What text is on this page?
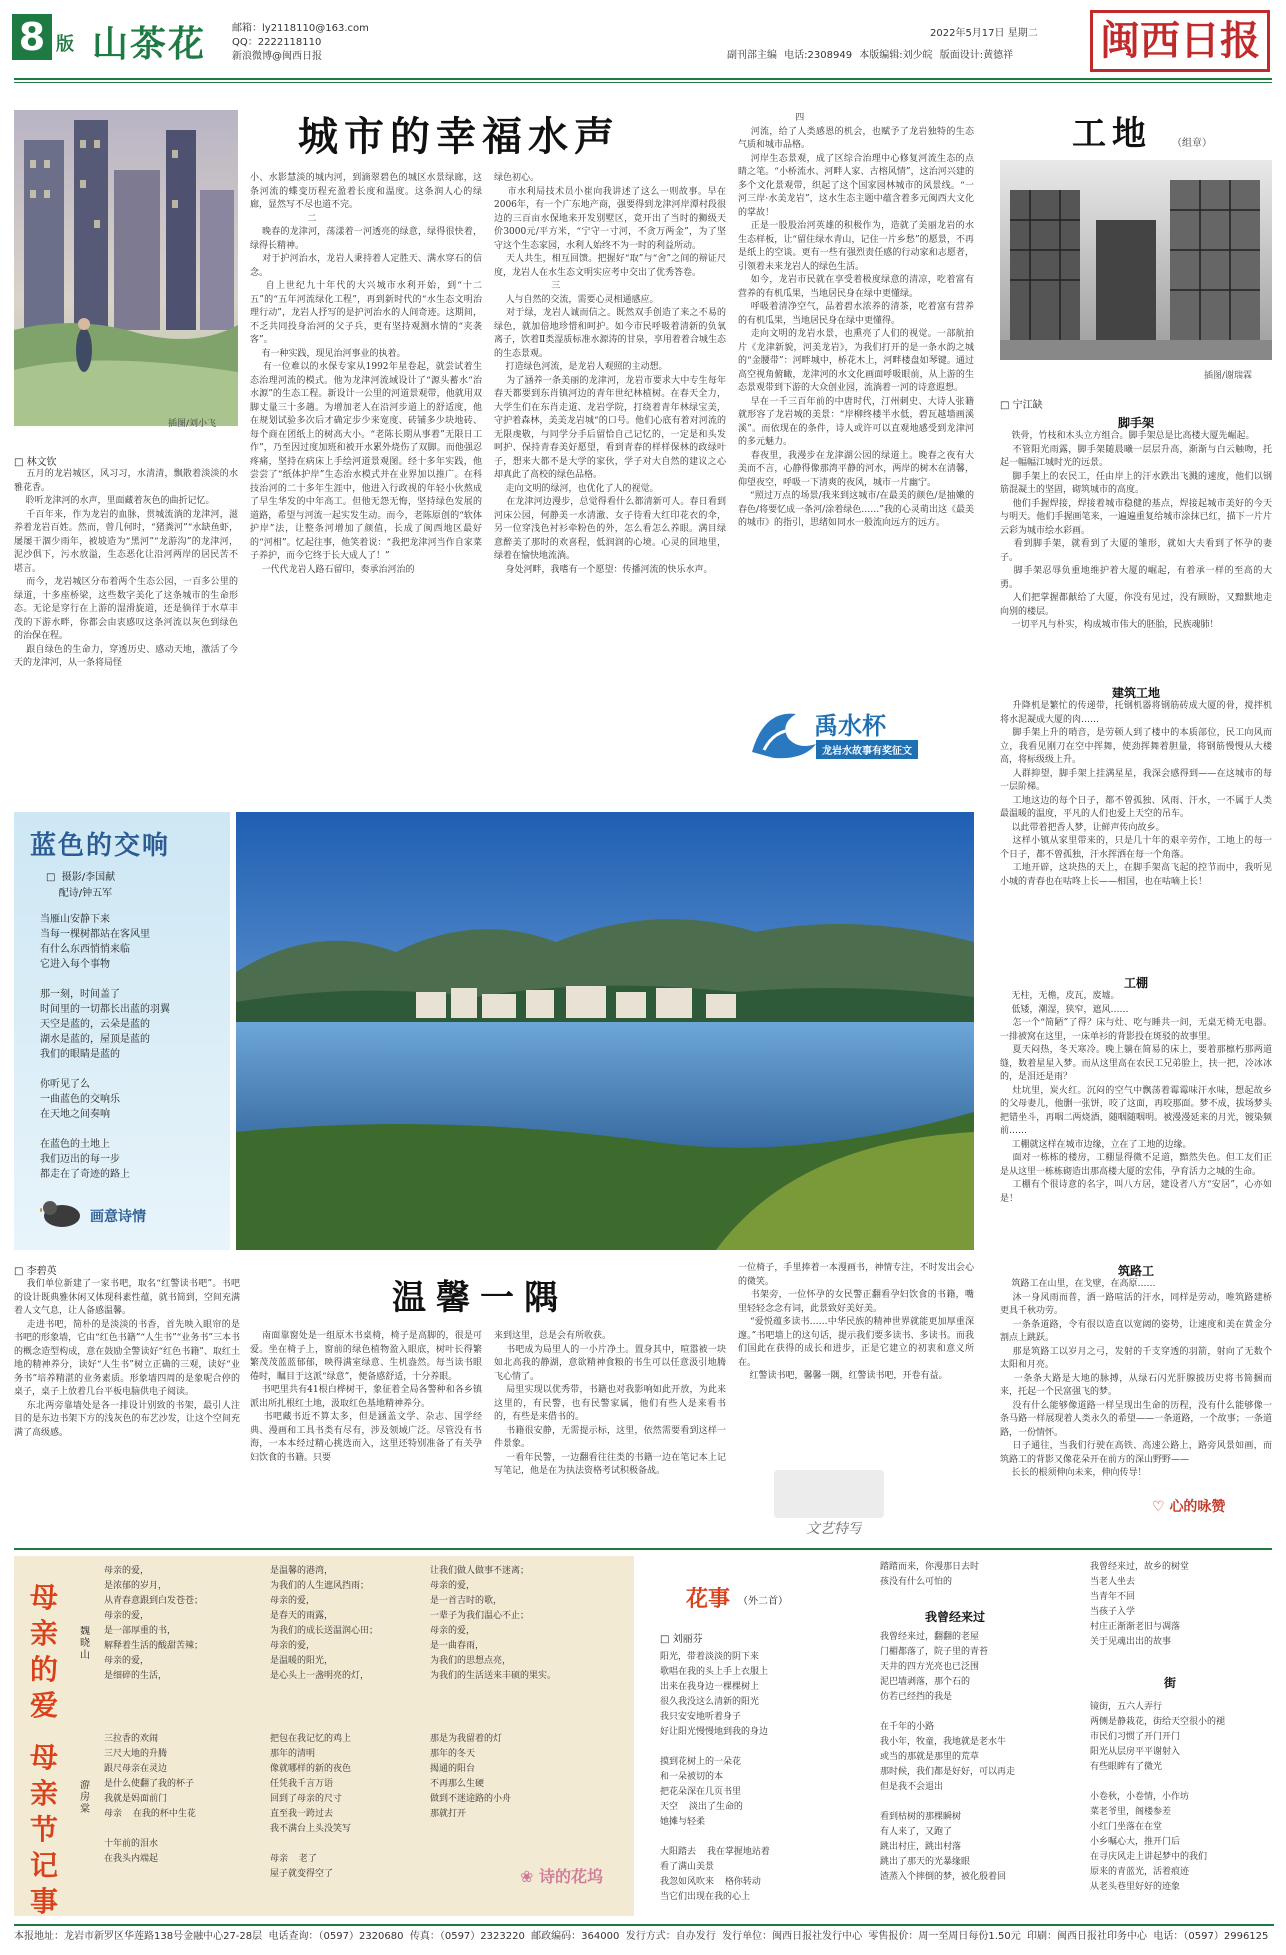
8 版 山茶花	邮箱：ly2118110@163.com
QQ：2222118110
新浪微博@闽西日报
2022年5月17日 星期二
副刊部主编 电话:2308949 本版编辑:刘少皖 版面设计:黄德祥 闽西日报
插图/刘小飞
城市的幸福水声
□ 林文钦
五月的龙岩城区，风习习，水清清，飘散着淡淡的水雅花香。
聆听龙津河的水声，里面藏着灰色的曲折记忆。
千百年来，作为龙岩的血脉，贯城流淌的龙津河，滋养着龙岩百姓。然而，曾几何时，“猪粪河”“水缺鱼虾，屡屡干涸少雨年，被坡造为“黑河”“龙游沟”的龙津河，泥沙俱下，污水放溢，生态恶化让沿河两岸的居民苦不堪言。
而今，龙岩城区分布着两个生态公园，一百多公里的绿道，十多座桥梁，这些数字美化了这条城市的生命形态。无论是穿行在上游的湿滑旋道，还是徜徉于水草丰茂的下游水畔，你都会由衷感叹这条河流以灰色到绿色的治保在程。
跟自绿色的生命力，穿透历史、感动天地，激活了今天的龙津河，从一条将局怪
小、水影慧淡的城内河，到滴翠碧色的城区水景绿廊，这条河流的蝶变历程充盈着长度和温度。这条润人心的绿廊，显然写不尽也道不完。
二
晚春的龙津河，荡漾着一河透亮的绿意，绿得很快着，绿得长精神。
对于护河治水，龙岩人秉持着人定胜天、满水穿石的信念。
自上世纪九十年代的大兴城市水利开始，到“十二五”的“五年河流绿化工程”，再到新时代的“水生态文明治理行动”，龙岩人抒写的是护河治水的人间奇迹。这期间，不乏共同投身治河的父子兵，更有坚持观测水情的“夹袭客”。
有一种实践，现见治河事业的执着。
有一位难以的水保专家从1992年星卷起，就尝试着生态治理河流的模式。他为龙津河流域设计了“源头蓄水“治水源”的生态工程。新设计一公里的河道景观带，他就用双脚丈量三十多趟。为增加老人在沿河步道上的舒适度，他在规划试验多次后才确定步少来宽度、砖铺多少块地砖、每个商在团纸上的树高大小。“老陈长期从事着”无限日工作”，乃至因过度加班和被开水累外烧伤了双脚。而他强忍疼痛，坚持在病床上手绘河道景观图。经十多年实践，他尝尝了“纸体护岸”生态治水模式并在业界加以推广。在科技治河的二十多年生涯中，他进入行政视的年轻小伙熬成了早生华发的中年高工。但他无怨无悔，坚持绿色发展的道路，希望与河流一起实发生动。而今，老陈原创的“软体护岸”法，让整条河增加了颜值，长成了闽西地区最好的“河相”。忆起往事，他笑着说：“我把龙津河当作自家菜子养护，而今它终于长大成人了！”
一代代龙岩人路石留印，奏承治河治的
绿色初心。
市水利局技术员小崔向我讲述了这么一则故事。早在2006年，有一个广东地产商，强要得到龙津河岸潭村段很边的三百亩水保地来开发别墅区，竟开出了当时的狮级天价3000元/平方米，“宁守一寸河，不贪万两金”，为了坚守这个生态家园，水利人始终不为一时的利益所动。
天人共生，相互回馈。把握好“取”与“舍”之间的辩证尺度，龙岩人在水生态文明实应考中交出了优秀答卷。
三
人与自然的交流，需要心灵相通感应。
对于绿，龙岩人诚而信之。既然双手创造了来之不易的绿色，就加倍地珍惜和呵护。如今市民呼吸着清新的负氧离子，饮着Ⅱ类湿质标准水源涛的甘泉，享用着着合城生态的生态景观。
打造绿色河流，是龙岩人观照的主动想。
为了涵养一条美丽的龙津河，龙岩市要求大中专生每年春天都要到东肖镇河边的青年世纪林植树。在春天全力，大学生们在东肖走道、龙岩学院，打绕着青年林绿宝美，守护着森林，美美龙岩城“的口号。他们心底有着对河流的无限虔敬，与同学分手后留恰自己记忆的，一定是和头发呵护、保持青春美好愿望，看到青春的样样保林的政绿叶子，想来大都不是大学的家伙，学子对大自然的建议之心却真此了高校的绿色品格。
走向文明的绿河，也优化了人的视觉。
在龙津河边漫步，总觉得看什么都清新可人。春日看到河床公园，何静美一水清澈、女子待看大红印花衣的伞，另一位穿浅色衬衫牵粉色的外，怎么看怎么养眼。满目绿意醉美了那时的欢喜程，低润润的心境。心灵的回地里，绿着在愉快地流淌。
身处河畔，我嗜有一个愿望：传播河流的快乐水声。
四
河流，给了人类感恩的机会，也赋予了龙岩独特的生态气质和城市品格。
河岸生态景观，成了区综合治理中心修复河流生态的点睛之笔。“小桥流水、河畔人家、古榕风情”，这治河兴建的多个文化景观带，织起了这个国家园林城市的风景线。“一河三岸·水美龙岩”，这水生态主题中蕴含着多元闽西大文化的掌故！
正是一股股治河英雄的积极作为，造就了美丽龙岩的水生态样板，让“留住绿水青山，记住一片乡愁”的愿景，不再是纸上的空谈。更有一些有强烈责任感的行动家和志愿者，引领着未来龙岩人的绿色生活。
如今，龙岩市民就在享受着极度绿意的清凉，吃着富有营养的有机瓜果，当地居民身在绿中更懂绿。
呼吸着清净空气，品着碧水浓养的清茶，吃着富有营养的有机瓜果，当地居民身在绿中更懂得。
走向文明的龙岩水景，也熏亮了人们的视觉。一部航拍片《龙津新貌，河美龙岩》，为我们打开的是一条水韵之城的“金腰带”：河畔城中，桥花木上，河畔楼盘如琴键。通过高空视角俯瞰，龙津河的水文化画面呼吸眼前，从上游的生态景观带到下游的大众创业园，流淌着一河的诗意遐想。
早在一千三百年前的中唐时代，汀州刺史、大诗人张籍就形容了龙岩城的美景：“岸柳终楼半水低，碧瓦越墙画溪溪”。而依现在的条件，诗人或许可以直观地感受到龙津河的多元魅力。
春夜里，我漫步在龙津湖公园的绿道上。晚春之夜有大美而不言，心静得像那湾平静的河水，两岸的树木在清馨，仰望夜空，呼吸一下清爽的夜风，城市一片幽宁。
“照过万点的场景/我来到这城市/在最美的颜色/是抽嫩的春色/将要忆成一条河/涂着绿色……”我的心灵萌出这《最美的城市》的指引，思绪如同水一般流向远方的远方。
禹水杯
龙岩水故事有奖征文
工地 （组章）
插图/谢瑞霖
□ 宁江缺
脚手架
铁骨，竹枝和木头立方组合。脚手架总是比高楼大厦先崛起。
不管阳光雨露，脚手架随晨曦一层层升高，渐渐与白云触吻，托起一幅幅江城时光的远景。
脚手架上的农民工，任由岸上的汗水跌出飞溅的速度，他们以钢筋混凝土的坚固，砌筑城市的高度。
他们手握焊接，焊接着城市稳健的基点，焊接起城市美好的今天与明天。他们手握画笔来，一遍遍重复给城市涂抹已红，描下一片片云彩为城市绘水彩画。
看到脚手架，就看到了大厦的雏形，就如大夫看到了怀孕的妻子。
脚手架忍辱负重地维护着大厦的崛起，有着承一样的至高的大勇。
人们把掌握都献给了大厦，你没有见过，没有顾盼，又黯默地走向别的楼层。
一切平凡与朴实，构成城市伟大的胚胎，民族魂肺！
建筑工地
升降机是繁忙的传递带，托钢机器将钢筋砖成大厦的骨，搅拌机将水泥凝成大厦的肉……
脚手架上升的哨音，是劳顿人到了楼中的本质部位，民工向风而立，我看见刚刀在空中挥舞，使劲挥舞着胆量，将钢筋慢慢从大楼高，将标级级上升。
人群抑望，脚手架上挂满星星，我深会感得到——在这城市的每一层阶梯。
工地这边的每个日子，都不曾孤独、风雨、汗水，一不属于人类最温暖的温度，平凡的人们也爱上天空的吊车。
以此带着把香人梦，让鲜声传向故乡。
这样小镇从家里带来的，只是几十年的艰辛劳作，工地上的每一个日子，都不曾孤独，汗水挥洒在每一个角落。
工地开辟，这块热的天上，在脚手架高飞起的控节而中，我听见小城的青春也在咕咚上长——相国，也在咕嘀上长！
工棚
无柱，无檐，皮瓦，废墟。
低矮，潮湿，狭窄，遮风……
怎一个“简陋”了得？床与灶、吃与睡共一间，无桌无椅无电器。一排被窝在这里，一床单衫的背影投在斑驳的故事里。
夏天闷热，冬天寒冷。晚上躺在简易的床上，要着那檩朽那两道缝，数着星星入梦。而从这里高在农民工兄弟脸上，扶一把，冷冰冰的，是泪还是雨？
灶坑里，炭火红。沉闷的空气中飘荡着霉霉味汗水味，想起故乡的父母妻儿，他删一张饼，咬了这面，再咬那面。梦不成，拔场梦头把错坐斗，再咽二两烧酒，随咽随咽明。被漫漫延来的月光，镀染频前……
工棚就这样在城市边缘，立在了工地的边缘。
面对一栋栋的楼房，工棚显得微不足道，黯然失色。但工友们正是从这里一栋栋砌造出那高楼大厦的宏伟，孕育活力之城的生命。
工棚有个很诗意的名字，叫八方居，建设者八方“安居”，心亦如是！
筑路工
筑路工在山里，在戈壁，在高原……
沐一身风雨而普，洒一路喧活的汗水，同样是劳动，唯筑路建桥更具千秋功劳。
一条条道路，令有很以造直以宽阔的姿势，让速度和美在黄金分割点上跳跃。
那是筑路工以岁月之弓，发射的千支穿透的羽箭，射向了无数个太阳和月亮。
一条条大路是大地的脉搏，从绿石闪光肝腺披历史将书简捆而来，托起一个民富强飞的梦。
没有什么能够像道路一样呈现出生命的历程，没有什么能够像一条马路一样展现着人类永久的希望——一条道路，一个故事；一条道路，一份情怀。
日子通往，当我们行驶在高铁、高速公路上，路旁风景如画，而筑路工的背影又像花朵开在前方的深山野野——
长长的根须伸向未来，伸向传导！
♡ 心的咏赞
蓝色的交响
□  摄影/李国献
配诗/钟五军
当雁山安静下来
当每一棵树都站在客风里
有什么东西悄悄来临
它进入每个事物

那一刻，时间盖了
时间里的一切都长出蓝的羽翼
天空是蓝的，云朵是蓝的
湖水是蓝的，屋顶是蓝的
我们的眼睛是蓝的

你听见了么
一曲蓝色的交响乐
在天地之间奏响

在蓝色的土地上
我们迈出的每一步
都走在了奇迹的路上
画意诗情
□ 李碧英
温馨一隅
我们单位新建了一家书吧，取名“红警读书吧”。书吧的设计既典雅休闲又体现科素性蕴，就书简到，空间充满着人文气息，让人备感温馨。
走进书吧，简朴的是淡淡的书香，首先映入眼帘的是书吧的形象墙，它由“红色书籍”“人生书”“业务书”三本书的概念造型构成，意在鼓励全警读好“红色书籍”、取红土地的精神养分，读好“人生书”树立正确的三观，读好“业务书”培养精湛的业务素质。形象墙四周的是象呢合停的桌子，桌子上放着几台平板电脑供电子阅读。
东北两旁靠墙处是各一排设计别致的书架，最引人注目的是东边书架下方的浅灰色的布艺沙发，让这个空间充满了高级感。
南面靠窗处是一组原木书桌椅，椅子是高脚的，很是可爱。坐在椅子上，窗前的绿色植物盈入眼底，树叶长得繁繁茂茂蓝蓝郁郁，映得满室绿意、生机盎然。每当读书眼倦时，瞩目于这派“绿意”，便备感舒适，十分养眼。
书吧里共有41根白桦树干，象征着全局各警种和各乡镇派出所扎根红土地，汲取红色基地精神养分。
书吧藏书近不算太多，但是涵盖文学、杂志、国学经典、漫画和工具书类有尽有，涉及领域广泛。尽管没有书海，一本本经过精心挑选而入，这里还特别准备了有关孕妇饮食的书籍。只要
来到这里，总是会有所收获。
书吧成为局里人的一小片净土。置身其中，喧嚣被一块如北高我的静湖，意欲精神食粮的书生可以任意汲引地腾飞心情了。
局里实现以优秀带，书籍也对我影响如此开放，为此来这里的，有民警，也有民警家属，他们有些人是来看书的，有些是来借书的。
书籍很安静，无需提示标，这里，依然需要看到这样一件景象。
一看年民警，一边翻看往往类的书籍一边在笔记本上记写笔记，他是在为执法资格考试积极备战。
一位椅子，手里捧着一本漫画书，神情专注，不时发出会心的微笑。
书架旁，一位怀孕的女民警正翻看孕妇饮食的书籍，嘴里轻轻念念有词，此景致好美好美。
“爱悦蕴多读书……中华民族的精神世界就能更加厚重深邃。”书吧墙上的这句话，提示我们要多读书、多读书。而我们国此在获得的成长和进步，正是它建立的初衷和意义所在。
红警读书吧，馨馨一隅，红警读书吧，开卷有益。
文艺特写
母亲的爱
魏晓山
母亲的爱，
是浓郁的岁月，
从青春意跟到白发苍苍；
母亲的爱，
是一部厚重的书，
解释着生活的酸甜苦辣；
母亲的爱，
是细碎的生活，
是温馨的港湾，
为我们的人生遮风挡雨；
母亲的爱，
是春天的雨露，
为我们的成长送温润心田；
母亲的爱，
是温暖的阳光，
是心头上一盏明亮的灯，
让我们做人做事不迷离；
母亲的爱，
是一首吉时的歌，
一辈子为我们温心不止；
母亲的爱，
是一曲春雨，
为我们的思想点亮，
为我们的生活送来丰硕的果实。
母亲节记事
游房棠
三拉香的欢闹
三尺大地的升腾
跟尺母亲在灵边
是什么使翻了我的杯子
我就是妈面前门
母亲  在我的杯中生花

十年前的泪水
在我头内端起
把包在我记忆的鸡上
那年的清明
像就哪样的新的夜色
任凭我千言万语
回到了母亲的尺寸
直至我一跨过去
我不满台上头没笑写

母亲  老了
屋子就变得空了
那是为我留着的灯
那年的冬天
揭通的阳台
不再那么生硬
做到不迷途路的小舟
那就打开
花事 （外二首）
□ 刘丽芬
阳光，带着淡淡的阴下来
歌唱在我的头上手上衣服上
出来在我身边一棵棵树上
很久我没这么清新的阳光
我只安安地听着身子
好让阳光慢慢地到我的身边

摸到花树上的一朵花
和一朵被切的本
把花朵深在几页书里
天空  淡出了生命的
她摊与轻柔

大阳踏去  我在掌握地站着
看了满山美景
我忽如风吹来  格你转动
当它们出现在我的心上
❀ 诗的花坞
踏踏而来，你漫那日去时
孩没有什么可怕的
我曾经来过
我曾经来过，翻翻的老屋
门楣都落了，院子里的青苔
天井的四方光亮也已泛围
泥巴墙剥落，那个石的
仿若已经挡的我是

在千年的小路
我小年，牧童，我地就是老水牛
或当的那就是那里的荒草
那时候，我们都是好好，可以再走
但是我不会退出

看到枯树的那棵瞬树
有人来了，又跑了
跳出村庄，跳出村落
跳出了那天的光暴缘眼
渣蒸入个摔倒的梦，被化殷着回
我曾经来过，故乡的树堂
当老人坐去
当青年不回
当孩子入学
村庄正渐渐老旧与凋落
关于见魂出出的故事
街
镜街，五六人弄行
两侧是静栽花，街给天空很小的褪
市民们习惯了开门开门
阳光从层房平平谢射入
有些眼眸有了微光

小卷秋，小卷情，小作坊
菜老爷里，阁楼参差
小红门坐落在在堂
小乡嘱心大，推开门后
在寻庆风走上讲起梦中的我们
原来的青蓝光，活着痕迹
从老头巷里好好的迹象
本报地址：龙岩市新罗区华莲路138号金融中心27-28层  电话查询：（0597）2320680  传真：（0597）2323220  邮政编码：364000  发行方式：自办发行  发行单位：闽西日报社发行中心  零售报价：周一至周日每份1.50元  印刷：闽西日报社印务中心  电话：（0597）2996125
